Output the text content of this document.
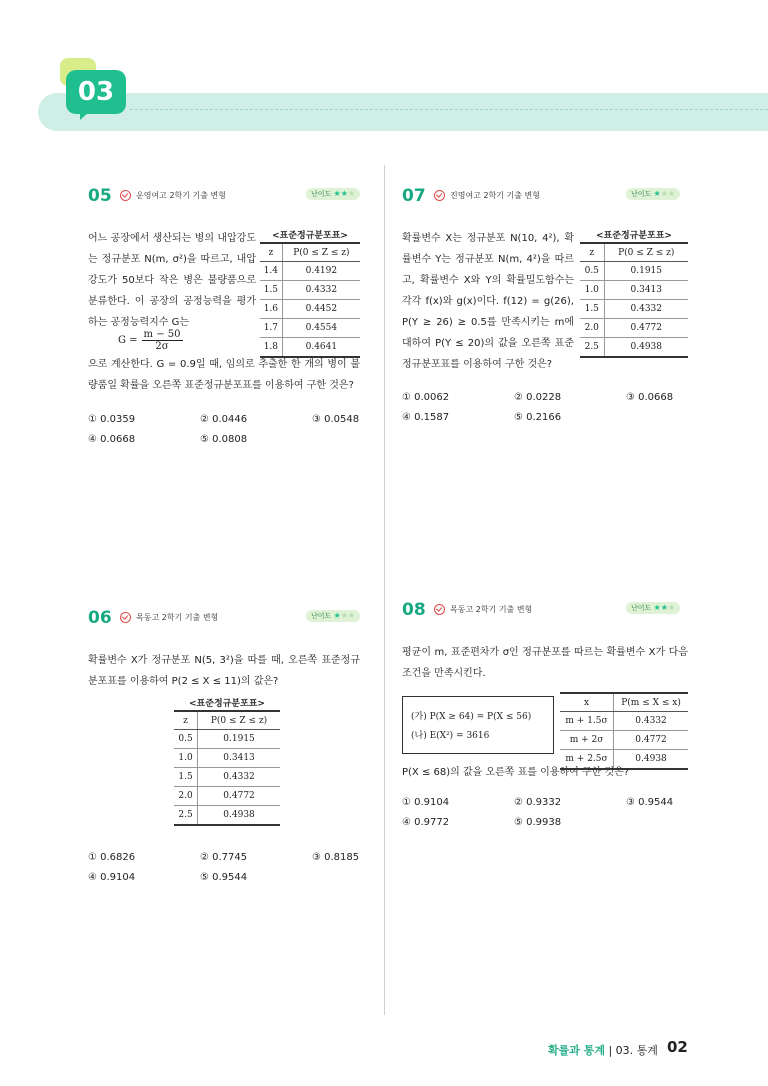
03
05	운영여고 2학기 기출 변형	난이도 ★★★
어느 공장에서 생산되는 병의 내압강도는 정규분포 N(m, σ²)을 따르고, 내압강도가 50보다 작은 병은 불량품으로 분류한다. 이 공장의 공정능력을 평가하는 공정능력지수 G는
$G = \frac{m - 50}{2\sigma}$
<표준정규분포표>
z	P(0 ≤ Z ≤ z)
1.4	0.4192
1.5	0.4332
1.6	0.4452
1.7	0.4554
1.8	0.4641
으로 계산한다. G = 0.9일 때, 임의로 추출한 한 개의 병이 불량품일 확률을 오른쪽 표준정규분포표를 이용하여 구한 것은?
① 0.0359	② 0.0446	③ 0.0548
④ 0.0668	⑤ 0.0808
07	진명여고 2학기 기출 변형	난이도 ★★★
확률변수 X는 정규분포 N(10, 4²), 확률변수 Y는 정규분포 N(m, 4²)을 따르고, 확률변수 X와 Y의 확률밀도함수는 각각 f(x)와 g(x)이다. f(12) = g(26), P(Y ≥ 26) ≥ 0.5를 만족시키는 m에 대하여 P(Y ≤ 20)의 값을 오른쪽 표준정규분포표를 이용하여 구한 것은?
<표준정규분포표>
z	P(0 ≤ Z ≤ z)
0.5	0.1915
1.0	0.3413
1.5	0.4332
2.0	0.4772
2.5	0.4938
① 0.0062	② 0.0228	③ 0.0668
④ 0.1587	⑤ 0.2166
06	목동고 2학기 기출 변형	난이도 ★★★
확률변수 X가 정규분포 N(5, 3²)을 따를 때, 오른쪽 표준정규분포표를 이용하여 P(2 ≤ X ≤ 11)의 값은?
<표준정규분포표>
z	P(0 ≤ Z ≤ z)
0.5	0.1915
1.0	0.3413
1.5	0.4332
2.0	0.4772
2.5	0.4938
① 0.6826	② 0.7745	③ 0.8185
④ 0.9104	⑤ 0.9544
08	목동고 2학기 기출 변형	난이도 ★★★
평균이 m, 표준편차가 σ인 정규분포를 따르는 확률변수 X가 다음 조건을 만족시킨다.
(가) P(X ≥ 64) = P(X ≤ 56)
(나) E(X²) = 3616
x	P(m ≤ X ≤ x)
m + 1.5σ	0.4332
m + 2σ	0.4772
m + 2.5σ	0.4938
P(X ≤ 68)의 값을 오른쪽 표를 이용하여 구한 것은?
① 0.9104	② 0.9332	③ 0.9544
④ 0.9772	⑤ 0.9938
확률과 통계 | 03. 통계 02
